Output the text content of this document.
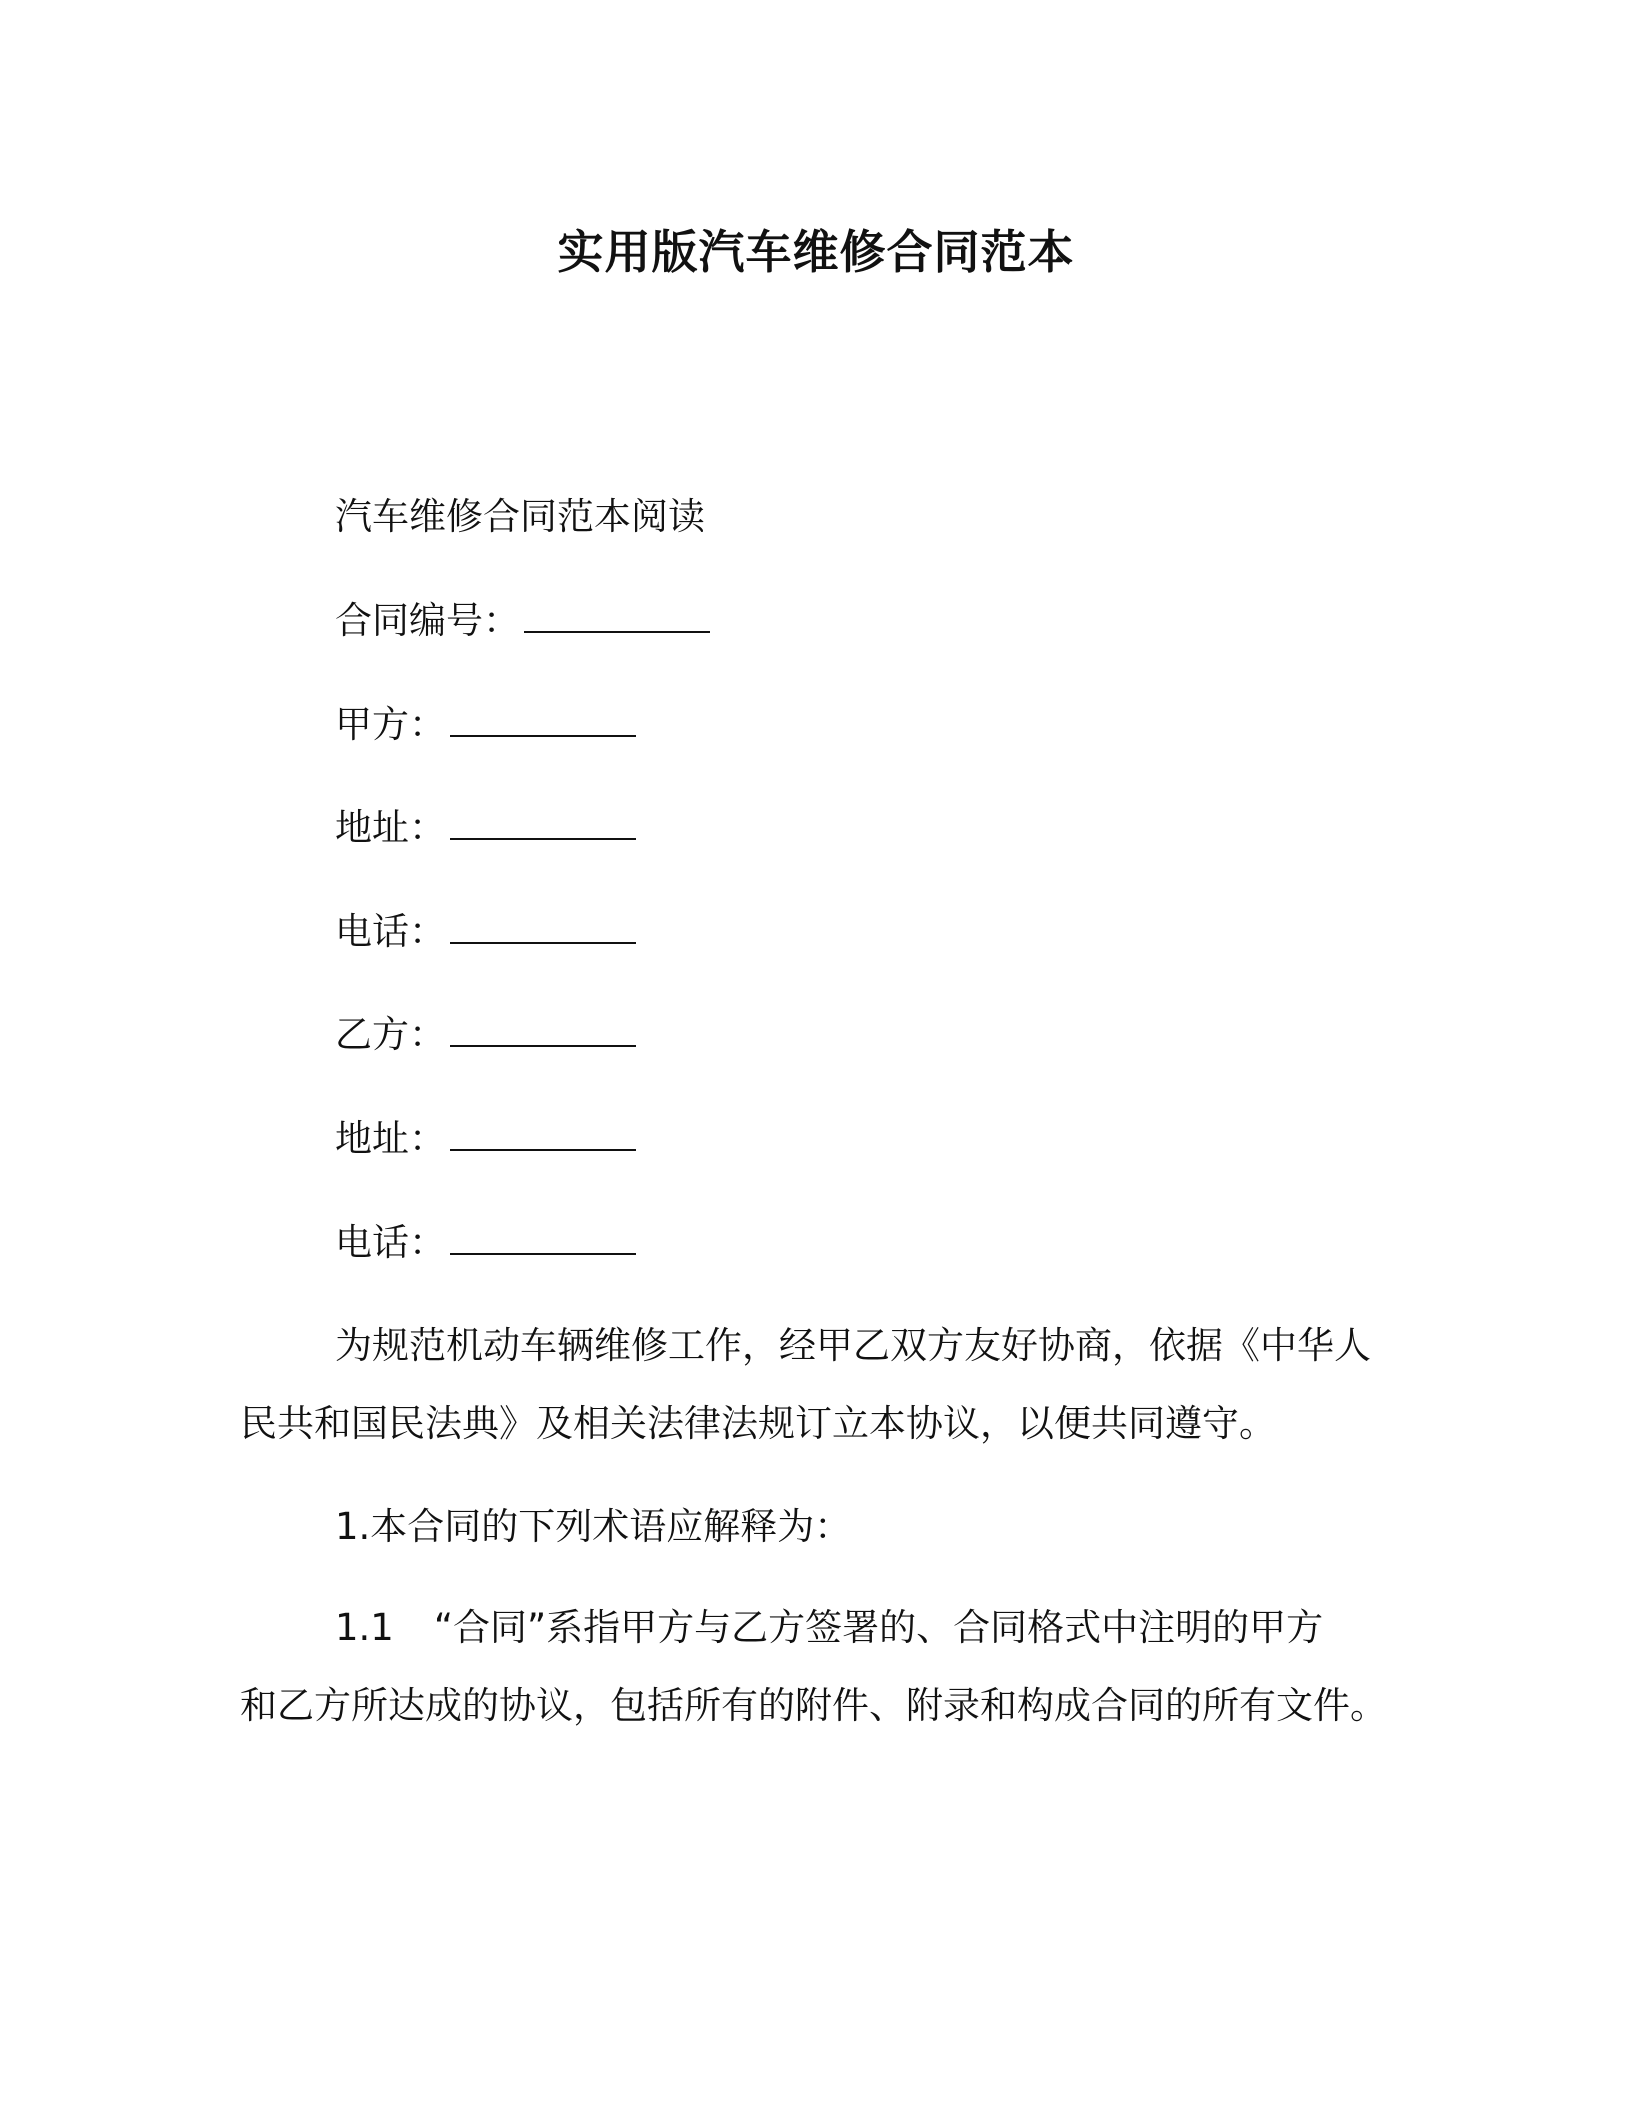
实用版汽车维修合同范本
汽车维修合同范本阅读
合同编号：
甲方：
地址：
电话：
乙方：
地址：
电话：
为规范机动车辆维修工作，经甲乙双方友好协商，依据《中华人
民共和国民法典》及相关法律法规订立本协议，以便共同遵守。
1.本合同的下列术语应解释为：
1.1 “合同”系指甲方与乙方签署的、合同格式中注明的甲方
和乙方所达成的协议，包括所有的附件、附录和构成合同的所有文件。
